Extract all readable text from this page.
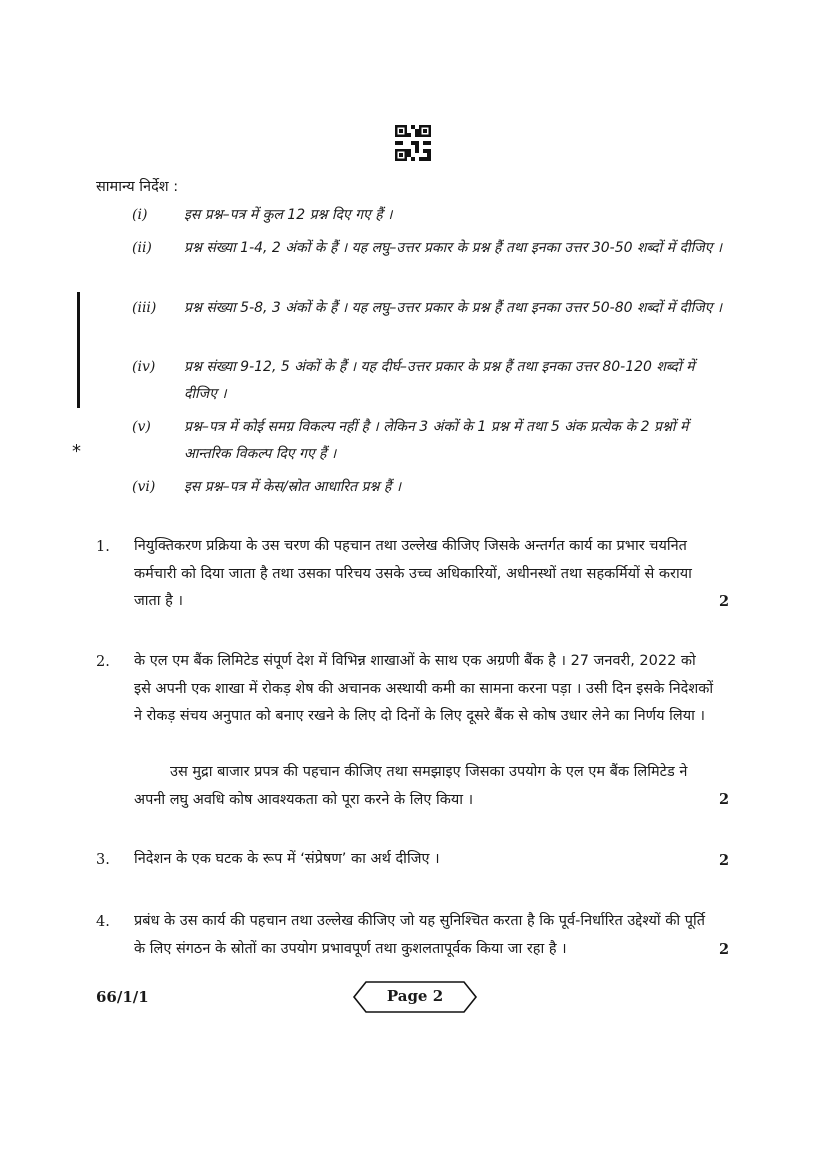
*
सामान्य निर्देश :
(i)	इस प्रश्न–पत्र में कुल 12 प्रश्न दिए गए हैं ।
(ii) प्रश्न संख्या 1-4, 2 अंकों के हैं । यह लघु–उत्तर प्रकार के प्रश्न हैं तथा इनका उत्तर 30-50 शब्दों में दीजिए ।
(iii) प्रश्न संख्या 5-8, 3 अंकों के हैं । यह लघु–उत्तर प्रकार के प्रश्न हैं तथा इनका उत्तर 50-80 शब्दों में दीजिए ।
(iv) प्रश्न संख्या 9-12, 5 अंकों के हैं । यह दीर्घ–उत्तर प्रकार के प्रश्न हैं तथा इनका उत्तर 80-120 शब्दों में दीजिए ।
(v) प्रश्न–पत्र में कोई समग्र विकल्प नहीं है । लेकिन 3 अंकों के 1 प्रश्न में तथा 5 अंक प्रत्येक के 2 प्रश्नों में आन्तरिक विकल्प दिए गए हैं ।
(vi) इस प्रश्न–पत्र में केस/स्रोत आधारित प्रश्न हैं ।
1. नियुक्तिकरण प्रक्रिया के उस चरण की पहचान तथा उल्लेख कीजिए जिसके अन्तर्गत कार्य का प्रभार चयनित कर्मचारी को दिया जाता है तथा उसका परिचय उसके उच्च अधिकारियों, अधीनस्थों तथा सहकर्मियों से कराया जाता है ।	2
2. के एल एम बैंक लिमिटेड संपूर्ण देश में विभिन्न शाखाओं के साथ एक अग्रणी बैंक है । 27 जनवरी, 2022 को इसे अपनी एक शाखा में रोकड़ शेष की अचानक अस्थायी कमी का सामना करना पड़ा । उसी दिन इसके निदेशकों ने रोकड़ संचय अनुपात को बनाए रखने के लिए दो दिनों के लिए दूसरे बैंक से कोष उधार लेने का निर्णय लिया ।
उस मुद्रा बाजार प्रपत्र की पहचान कीजिए तथा समझाइए जिसका उपयोग के एल एम बैंक लिमिटेड ने अपनी लघु अवधि कोष आवश्यकता को पूरा करने के लिए किया ।	2
3. निदेशन के एक घटक के रूप में ‘संप्रेषण’ का अर्थ दीजिए ।	2
4. प्रबंध के उस कार्य की पहचान तथा उल्लेख कीजिए जो यह सुनिश्चित करता है कि पूर्व-निर्धारित उद्देश्यों की पूर्ति के लिए संगठन के स्रोतों का उपयोग प्रभावपूर्ण तथा कुशलतापूर्वक किया जा रहा है ।	2
66/1/1	Page 2
